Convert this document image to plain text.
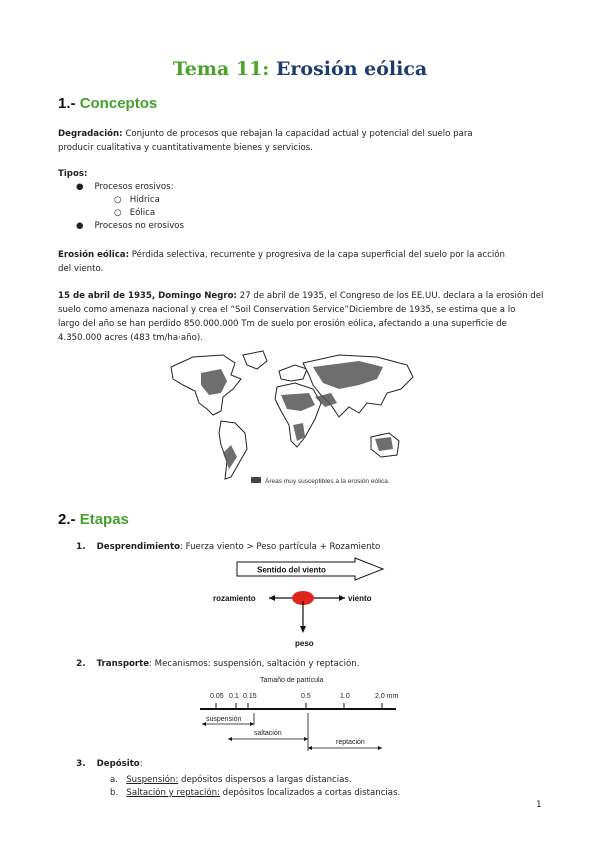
Tema 11: Erosión eólica
1.- Conceptos
Degradación: Conjunto de procesos que rebajan la capacidad actual y potencial del suelo para
producir cualitativa y cuantitativamente bienes y servicios.
Tipos:
● Procesos erosivos:
○ Hídrica
○ Eólica
● Procesos no erosivos
Erosión eólica: Pérdida selectiva, recurrente y progresiva de la capa superficial del suelo por la acción
del viento.
15 de abril de 1935, Domingo Negro: 27 de abril de 1935, el Congreso de los EE.UU. declara a la erosión del
suelo como amenaza nacional y crea el “Soil Conservation Service”Diciembre de 1935, se estima que a lo
largo del año se han perdido 850.000.000 Tm de suelo por erosión eólica, afectando a una superficie de
4.350.000 acres (483 tm/ha·año).
Áreas muy susceptibles a la erosión eólica.
2.- Etapas
1. Desprendimiento: Fuerza viento > Peso partícula + Rozamiento
Sentido del viento
rozamiento	viento
peso
2. Transporte: Mecanismos: suspensión, saltación y reptación.
Tamaño de partícula
0.05 0.1 0.15	0.5	1.0	2.0 mm
suspensión
saltación
reptación
3. Depósito:
a. Suspensión: depósitos dispersos a largas distancias.
b. Saltación y reptación: depósitos localizados a cortas distancias.
1
